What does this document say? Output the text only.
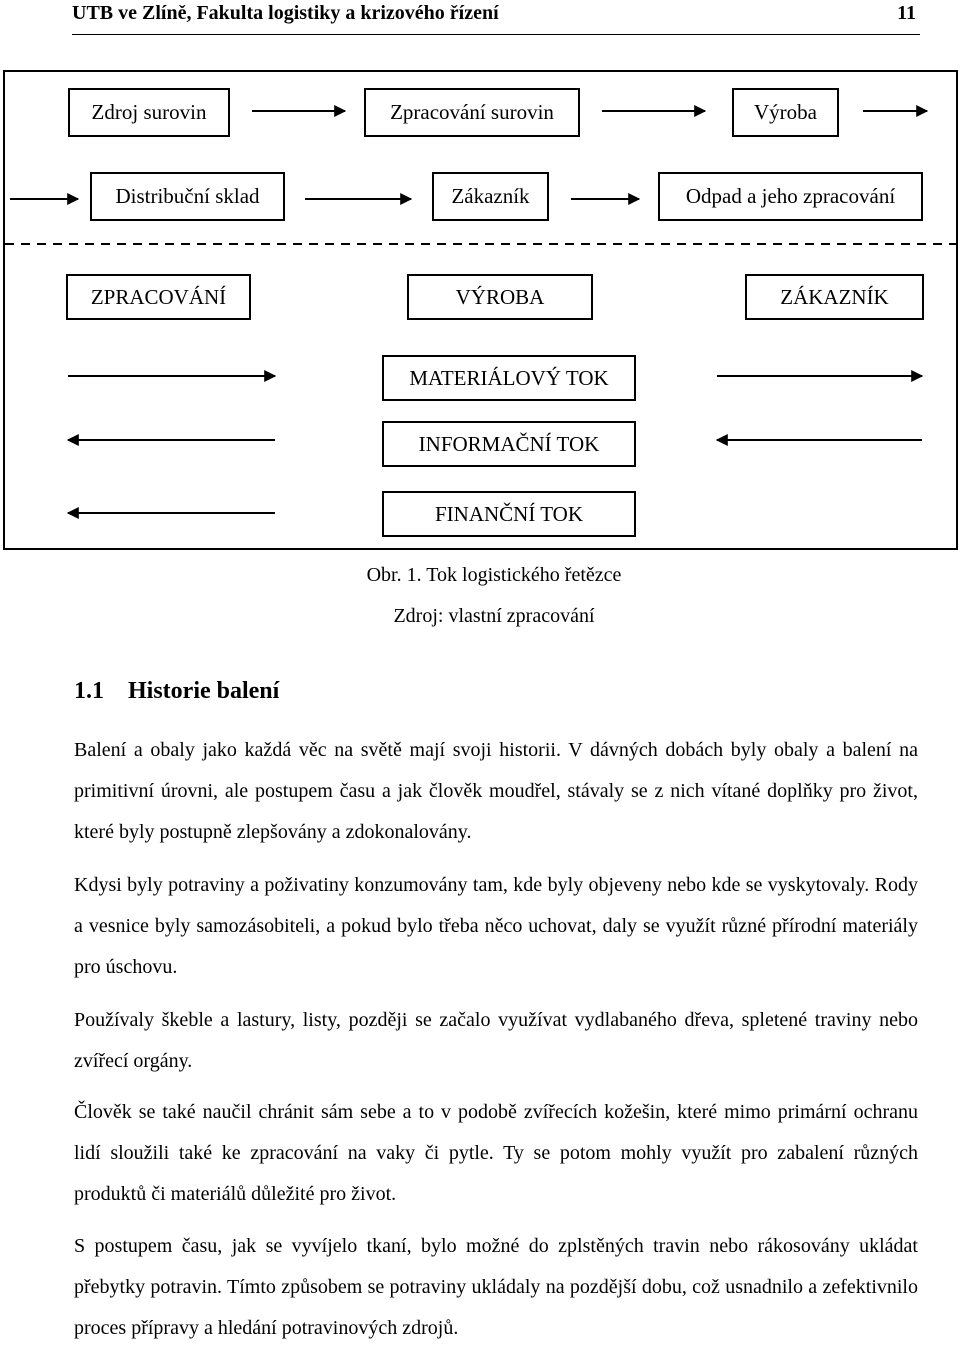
UTB ve Zlíně, Fakulta logistiky a krizového řízení	11
Zdroj surovin	Zpracování surovin	Výroba
Distribuční sklad	Zákazník	Odpad a jeho zpracování
ZPRACOVÁNÍ	VÝROBA	ZÁKAZNÍK
MATERIÁLOVÝ TOK
INFORMAČNÍ TOK
FINANČNÍ TOK
Obr. 1. Tok logistického řetězce
Zdroj: vlastní zpracování
1.1 Historie balení

Balení a obaly jako každá věc na světě mají svoji historii. V dávných dobách byly obaly a balení na primitivní úrovni, ale postupem času a jak člověk moudřel, stávaly se z nich vítané doplňky pro život, které byly postupně zlepšovány a zdokonalovány.

Kdysi byly potraviny a poživatiny konzumovány tam, kde byly objeveny nebo kde se vyskytovaly. Rody a vesnice byly samozásobiteli, a pokud bylo třeba něco uchovat, daly se využít různé přírodní materiály pro úschovu.

Používaly škeble a lastury, listy, později se začalo využívat vydlabaného dřeva, spletené traviny nebo zvířecí orgány.

Člověk se také naučil chránit sám sebe a to v podobě zvířecích kožešin, které mimo primární ochranu lidí sloužili také ke zpracování na vaky či pytle. Ty se potom mohly využít pro zabalení různých produktů či materiálů důležité pro život.

S postupem času, jak se vyvíjelo tkaní, bylo možné do zplstěných travin nebo rákosovány ukládat přebytky potravin. Tímto způsobem se potraviny ukládaly na pozdější dobu, což usnadnilo a zefektivnilo proces přípravy a hledání potravinových zdrojů.
